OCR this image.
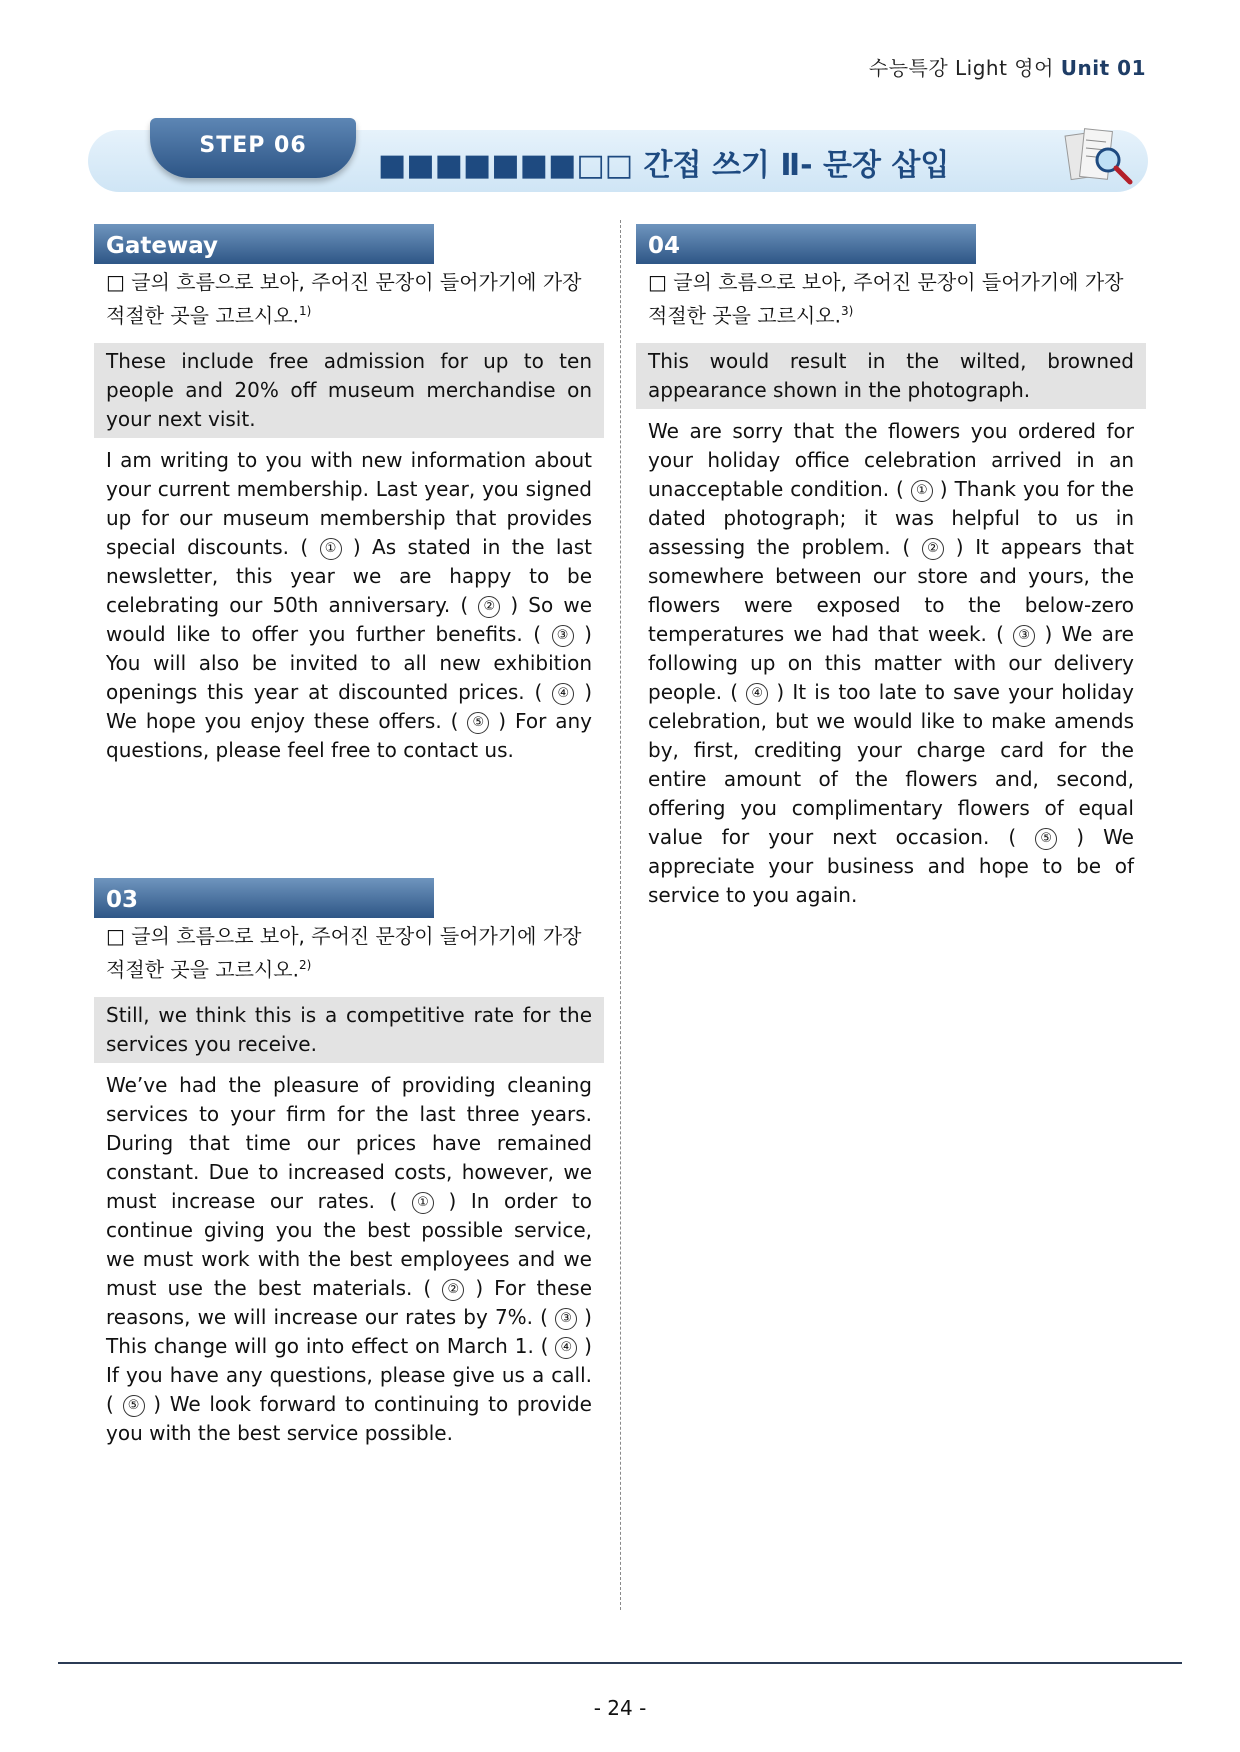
수능특강 Light 영어 Unit 01
STEP 06
■■■■■■■□□ 간접 쓰기 Ⅱ- 문장 삽입
Gateway
□ 글의 흐름으로 보아, 주어진 문장이 들어가기에 가장 적절한 곳을 고르시오.$^{1)}$
These include free admission for up to ten people and 20% off museum merchandise on your next visit.
I am writing to you with new information about your current membership. Last year, you signed up for our museum membership that provides special discounts. ( ① ) As stated in the last newsletter, this year we are happy to be celebrating our 50th anniversary. ( ② ) So we would like to offer you further benefits. ( ③ ) You will also be invited to all new exhibition openings this year at discounted prices. ( ④ ) We hope you enjoy these offers. ( ⑤ ) For any questions, please feel free to contact us.
03
□ 글의 흐름으로 보아, 주어진 문장이 들어가기에 가장 적절한 곳을 고르시오.$^{2)}$
Still, we think this is a competitive rate for the services you receive.
We’ve had the pleasure of providing cleaning services to your firm for the last three years. During that time our prices have remained constant. Due to increased costs, however, we must increase our rates. ( ① ) In order to continue giving you the best possible service, we must work with the best employees and we must use the best materials. ( ② ) For these reasons, we will increase our rates by 7%. ( ③ ) This change will go into effect on March 1. ( ④ ) If you have any questions, please give us a call. ( ⑤ ) We look forward to continuing to provide you with the best service possible.
04
□ 글의 흐름으로 보아, 주어진 문장이 들어가기에 가장 적절한 곳을 고르시오.$^{3)}$
This would result in the wilted, browned appearance shown in the photograph.
We are sorry that the flowers you ordered for your holiday office celebration arrived in an unacceptable condition. ( ① ) Thank you for the dated photograph; it was helpful to us in assessing the problem. ( ② ) It appears that somewhere between our store and yours, the flowers were exposed to the below-zero temperatures we had that week. ( ③ ) We are following up on this matter with our delivery people. ( ④ ) It is too late to save your holiday celebration, but we would like to make amends by, first, crediting your charge card for the entire amount of the flowers and, second, offering you complimentary flowers of equal value for your next occasion. ( ⑤ ) We appreciate your business and hope to be of service to you again.
- 24 -
